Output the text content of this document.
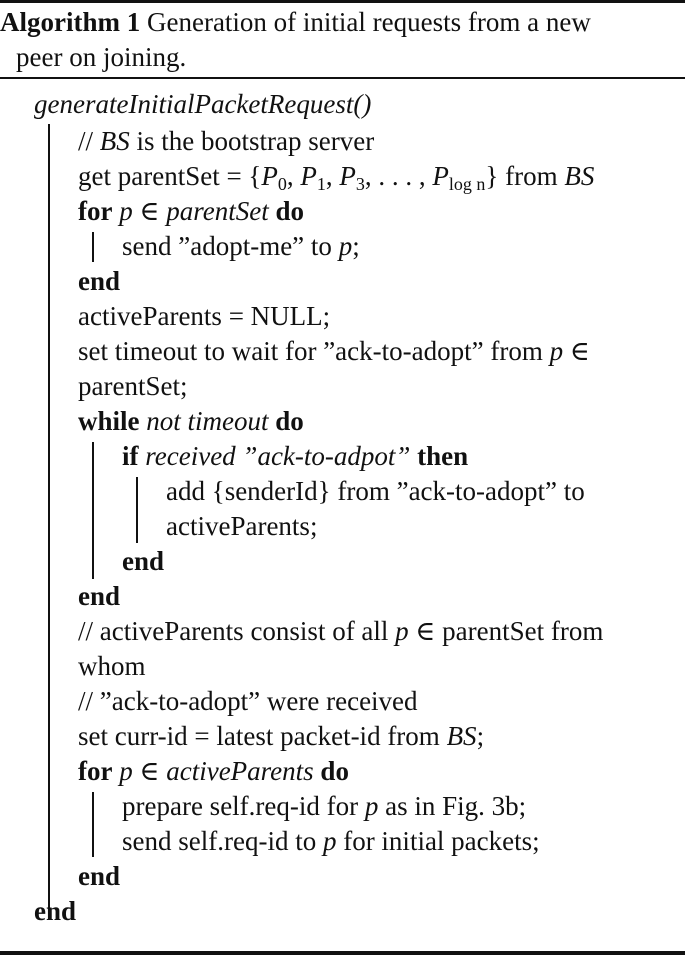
Algorithm 1 Generation of initial requests from a new
peer on joining.
generateInitialPacketRequest()
// BS is the bootstrap server
get parentSet = {$P_0$, $P_1$, $P_3$, . . . , $P_{log n}$} from BS
for p ∈ parentSet do
send ”adopt-me” to p;
end
activeParents = NULL;
set timeout to wait for ”ack-to-adopt” from p ∈
parentSet;
while not timeout do
if received ”ack-to-adpot” then
add {senderId} from ”ack-to-adopt” to
activeParents;
end
end
// activeParents consist of all p ∈ parentSet from
whom
// ”ack-to-adopt” were received
set curr-id = latest packet-id from BS;
for p ∈ activeParents do
prepare self.req-id for p as in Fig. 3b;
send self.req-id to p for initial packets;
end
end
